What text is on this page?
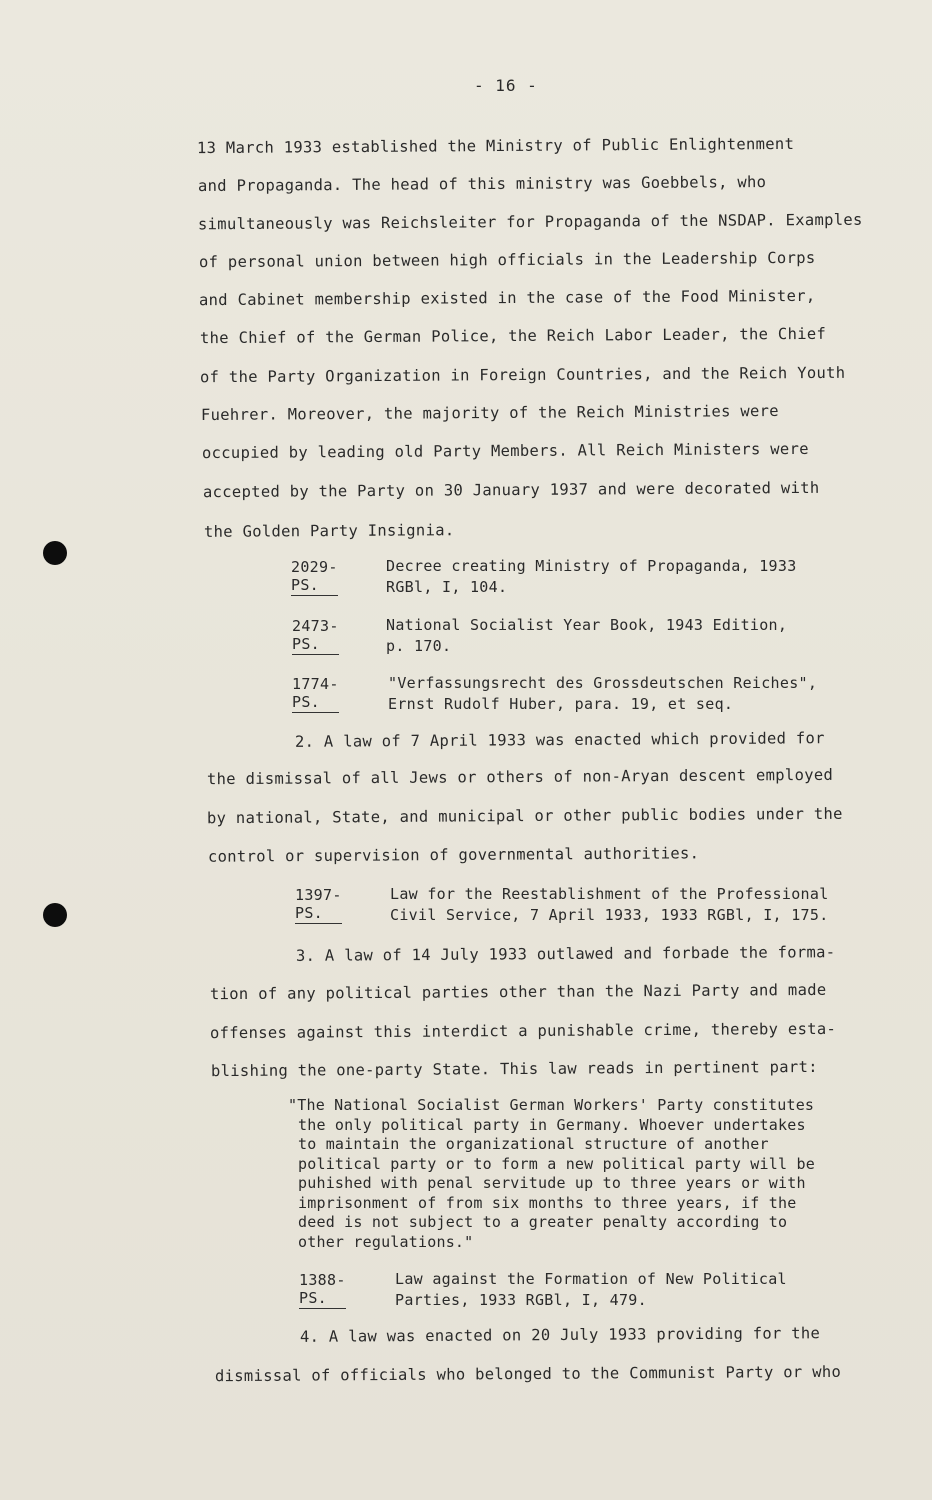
- 16 -
13 March 1933 established the Ministry of Public Enlightenment
and Propaganda. The head of this ministry was Goebbels, who
simultaneously was Reichsleiter for Propaganda of the NSDAP. Examples
of personal union between high officials in the Leadership Corps
and Cabinet membership existed in the case of the Food Minister,
the Chief of the German Police, the Reich Labor Leader, the Chief
of the Party Organization in Foreign Countries, and the Reich Youth
Fuehrer. Moreover, the majority of the Reich Ministries were
occupied by leading old Party Members. All Reich Ministers were
accepted by the Party on 30 January 1937 and were decorated with
the Golden Party Insignia.
2029-PS.
Decree creating Ministry of Propaganda, 1933
RGBl, I, 104.
2473-PS.
National Socialist Year Book, 1943 Edition,
p. 170.
1774-PS.
"Verfassungsrecht des Grossdeutschen Reiches",
Ernst Rudolf Huber, para. 19, et seq.
2. A law of 7 April 1933 was enacted which provided for
the dismissal of all Jews or others of non-Aryan descent employed
by national, State, and municipal or other public bodies under the
control or supervision of governmental authorities.
1397-PS.
Law for the Reestablishment of the Professional
Civil Service, 7 April 1933, 1933 RGBl, I, 175.
3. A law of 14 July 1933 outlawed and forbade the forma-
tion of any political parties other than the Nazi Party and made
offenses against this interdict a punishable crime, thereby esta-
blishing the one-party State. This law reads in pertinent part:
"The National Socialist German Workers' Party constitutes
the only political party in Germany. Whoever undertakes
to maintain the organizational structure of another
political party or to form a new political party will be
puhished with penal servitude up to three years or with
imprisonment of from six months to three years, if the
deed is not subject to a greater penalty according to
other regulations."
1388-PS.
Law against the Formation of New Political
Parties, 1933 RGBl, I, 479.
4. A law was enacted on 20 July 1933 providing for the
dismissal of officials who belonged to the Communist Party or who
